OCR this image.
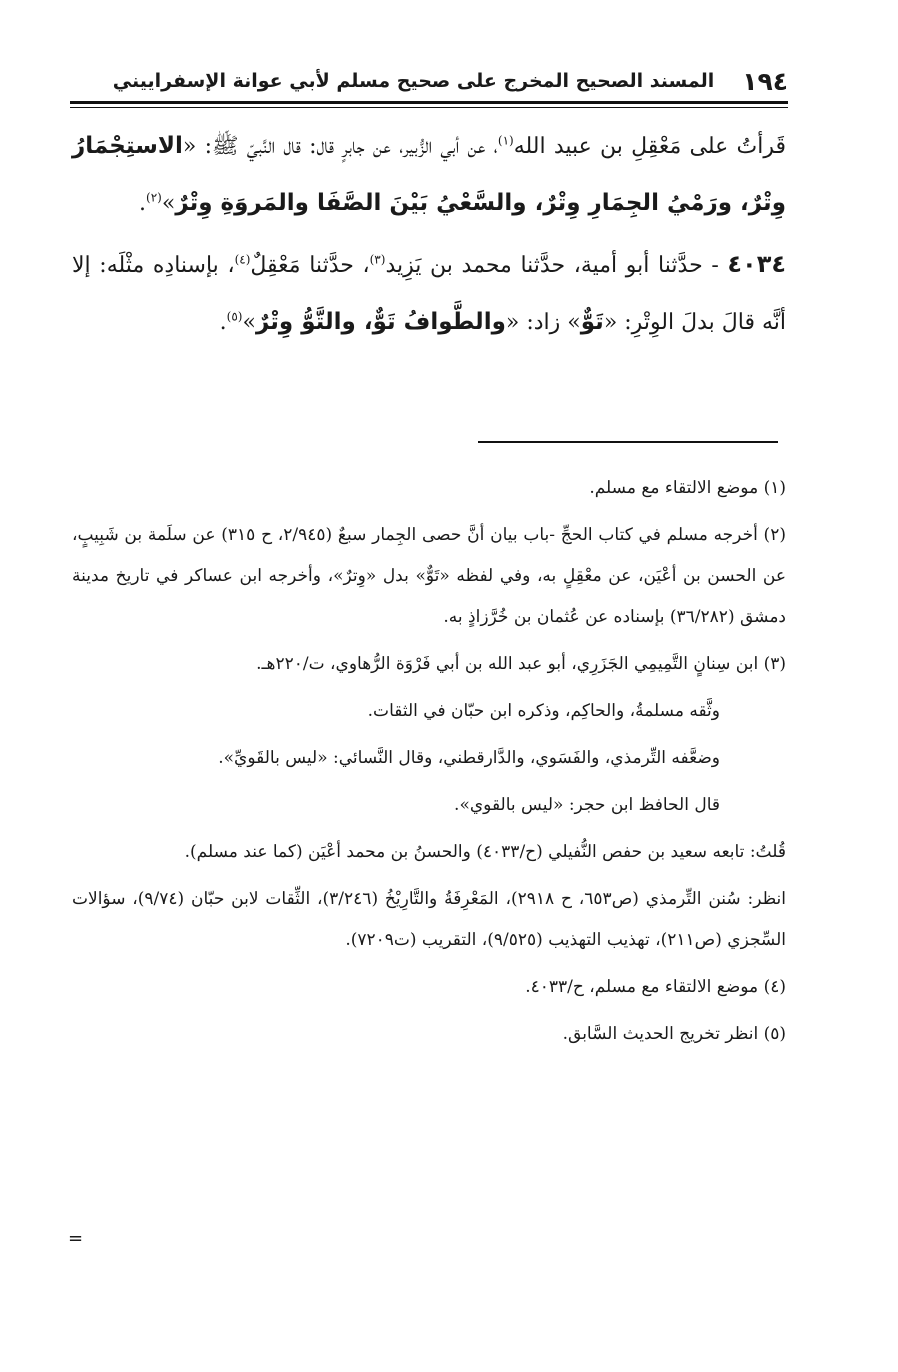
١٩٤
المسند الصحيح المخرج على صحيح مسلم لأبي عوانة الإسفراييني

قَرأتُ على مَعْقِلِ بن عبيد الله$^{(١)}$، عن أبي الزُّبير، عن جابرٍ قال: قال النَّبيّ ﷺ: «الاستِجْمَارُ وِتْرٌ، ورَمْيُ الجِمَارِ وِتْرٌ، والسَّعْيُ بَيْنَ الصَّفَا والمَروَةِ وِتْرٌ»$^{(٢)}$.

٤٠٣٤ - حدَّثنا أبو أمية، حدَّثنا محمد بن يَزِيد$^{(٣)}$، حدَّثنا مَعْقِلٌ$^{(٤)}$، بإسنادِه مثْلَه: إلا أنَّه قالَ بدلَ الوِتْرِ: «تَوٌّ» زاد: «والطَّوافُ تَوٌّ، والتَّوُّ وِتْرٌ»$^{(٥)}$.

(١) موضع الالتقاء مع مسلم.

(٢) أخرجه مسلم في كتاب الحجِّ -باب بيان أنَّ حصى الجِمار سبعٌ (٢/٩٤٥، ح ٣١٥) عن سلَمة بن شَبِيبٍ، عن الحسن بن أعْيَن، عن معْقِلٍ به، وفي لفظه «تَوٌّ» بدل «وِترٌ»، وأخرجه ابن عساكر في تاريخ مدينة دمشق (٣٦/٢٨٢) بإسناده عن عُثمان بن خُرَّزاذٍ به.

(٣) ابن سِنانٍ التَّمِيمِي الجَزَرِي، أبو عبد الله بن أبي فَرْوَة الرُّهاوي، ت/٢٢٠هـ.

وثَّقه مسلمةُ، والحاكِم، وذكره ابن حبّان في الثقات.

وضعَّفه التِّرمذي، والفَسَوي، والدَّارقطني، وقال النَّسائي: «ليس بالقَويِّ».

قال الحافظ ابن حجر: «ليس بالقوي».

قُلتُ: تابعه سعيد بن حفص النُّفيلي (ح/٤٠٣٣) والحسنُ بن محمد أعْيَن (كما عند مسلم).

انظر: سُنن التِّرمذي (ص٦٥٣، ح ٢٩١٨)، المَعْرِفَةُ والتَّارِيْخُ (٣/٢٤٦)، الثِّقات لابن حبّان (٩/٧٤)، سؤالات السِّجزي (ص٢١١)، تهذيب التهذيب (٩/٥٢٥)، التقريب (ت٧٢٠٩).

(٤) موضع الالتقاء مع مسلم، ح/٤٠٣٣.

(٥) انظر تخريج الحديث السَّابق.

=
